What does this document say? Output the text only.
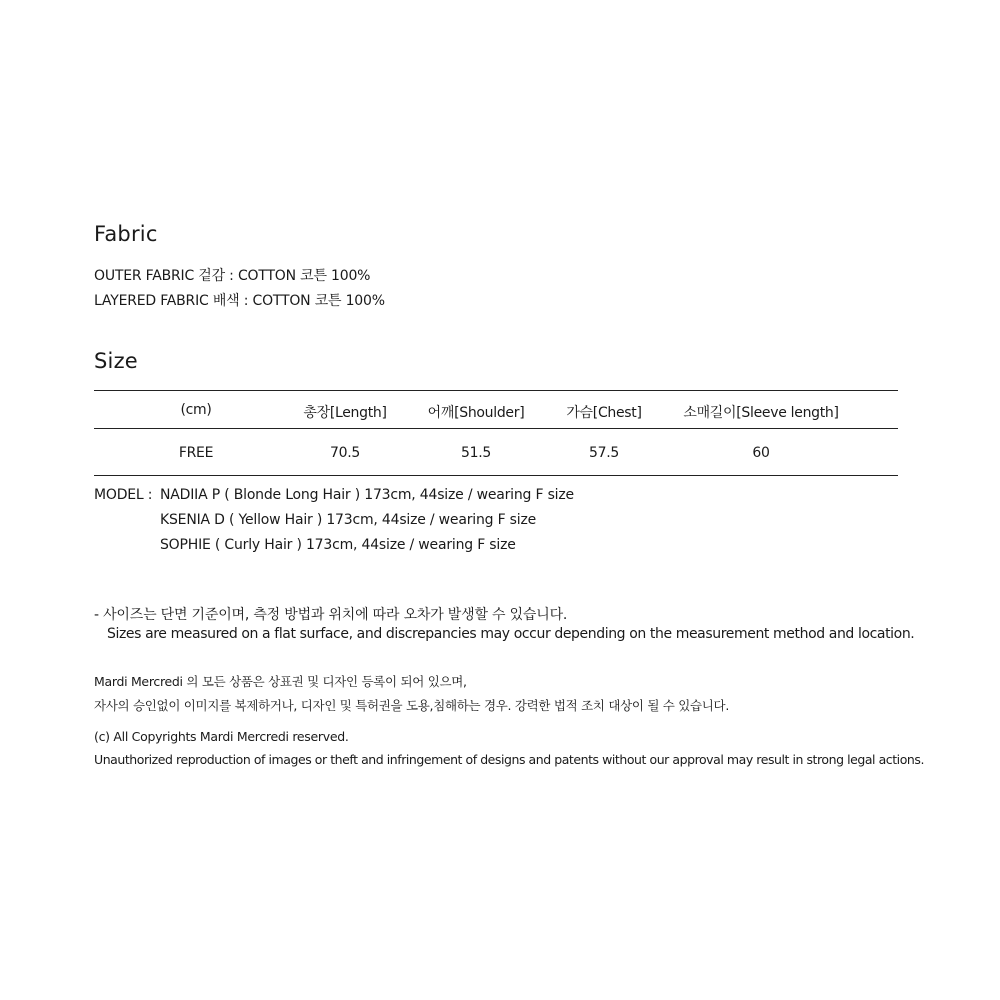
Fabric
OUTER FABRIC 겉감 : COTTON 코튼 100%
LAYERED FABRIC 배색 : COTTON 코튼 100%
Size
(cm)	총장[Length]	어깨[Shoulder]	가슴[Chest]	소매길이[Sleeve length]
FREE	70.5	51.5	57.5	60
MODEL : NADIIA P ( Blonde Long Hair ) 173cm, 44size / wearing F size
KSENIA D ( Yellow Hair ) 173cm, 44size / wearing F size
SOPHIE ( Curly Hair ) 173cm, 44size / wearing F size
- 사이즈는 단면 기준이며, 측정 방법과 위치에 따라 오차가 발생할 수 있습니다.
Sizes are measured on a flat surface, and discrepancies may occur depending on the measurement method and location.
Mardi Mercredi 의 모든 상품은 상표권 및 디자인 등록이 되어 있으며,
자사의 승인없이 이미지를 복제하거나, 디자인 및 특허권을 도용,침해하는 경우. 강력한 법적 조치 대상이 될 수 있습니다.
(c) All Copyrights Mardi Mercredi reserved.
Unauthorized reproduction of images or theft and infringement of designs and patents without our approval may result in strong legal actions.
